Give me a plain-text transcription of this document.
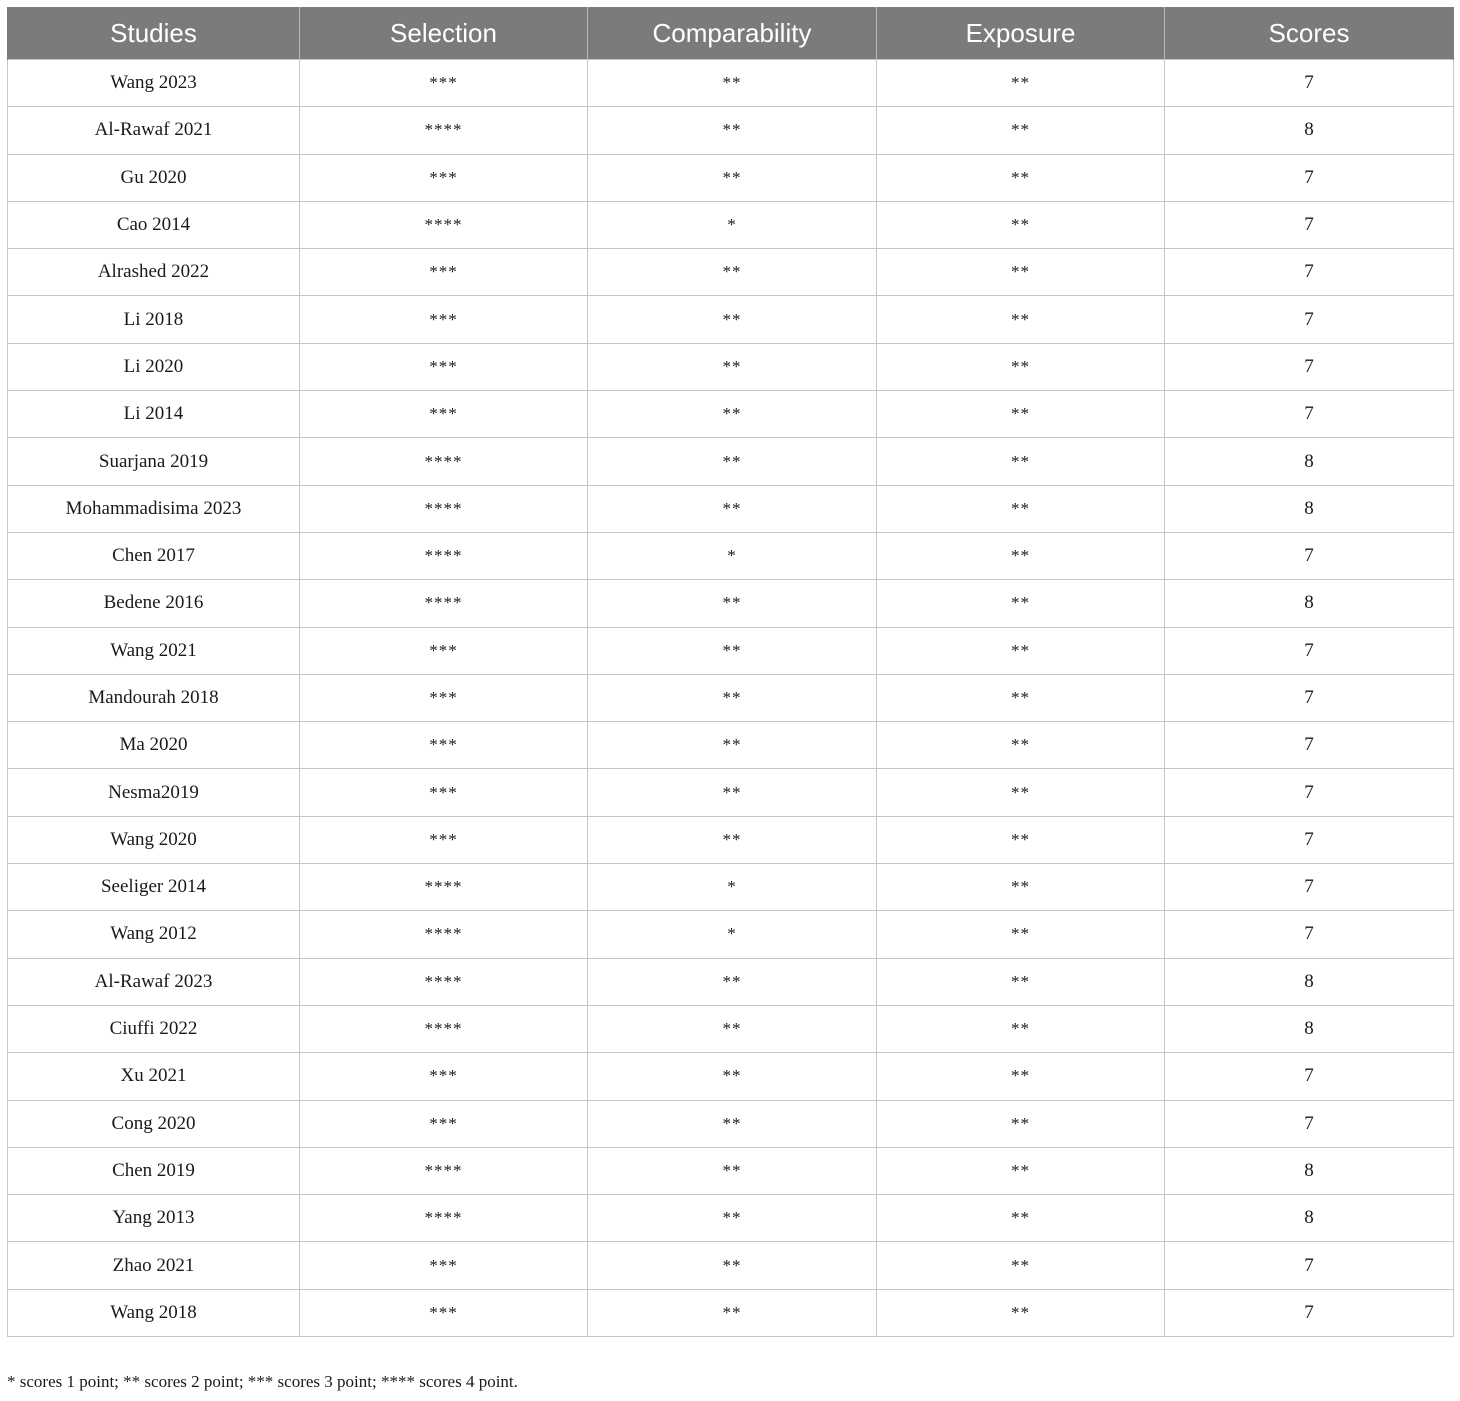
Studies	Selection	Comparability	Exposure	Scores
Wang 2023	***	**	**	7
Al-Rawaf 2021	****	**	**	8
Gu 2020	***	**	**	7
Cao 2014	****	*	**	7
Alrashed 2022	***	**	**	7
Li 2018	***	**	**	7
Li 2020	***	**	**	7
Li 2014	***	**	**	7
Suarjana 2019	****	**	**	8
Mohammadisima 2023	****	**	**	8
Chen 2017	****	*	**	7
Bedene 2016	****	**	**	8
Wang 2021	***	**	**	7
Mandourah 2018	***	**	**	7
Ma 2020	***	**	**	7
Nesma2019	***	**	**	7
Wang 2020	***	**	**	7
Seeliger 2014	****	*	**	7
Wang 2012	****	*	**	7
Al-Rawaf 2023	****	**	**	8
Ciuffi 2022	****	**	**	8
Xu 2021	***	**	**	7
Cong 2020	***	**	**	7
Chen 2019	****	**	**	8
Yang 2013	****	**	**	8
Zhao 2021	***	**	**	7
Wang 2018	***	**	**	7
* scores 1 point; ** scores 2 point; *** scores 3 point; **** scores 4 point.
